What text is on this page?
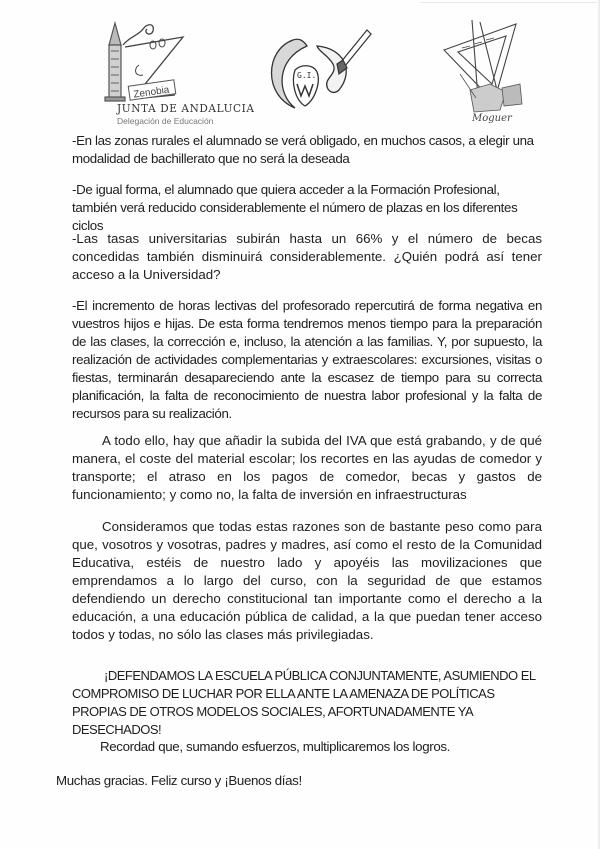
Zenobia
JUNTA DE ANDALUCIA
Delegación de Educación
G.I.
Moguer

-En las zonas rurales el alumnado se verá obligado, en muchos casos, a elegir una modalidad de bachillerato que no será la deseada

-De igual forma, el alumnado que quiera acceder a la Formación Profesional, también verá reducido considerablemente el número de plazas en los diferentes ciclos

-Las tasas universitarias subirán hasta un 66% y el número de becas concedidas también disminuirá considerablemente. ¿Quién podrá así tener acceso a la Universidad?

-El incremento de horas lectivas del profesorado repercutirá de forma negativa en vuestros hijos e hijas. De esta forma tendremos menos tiempo para la preparación de las clases, la corrección e, incluso, la atención a las familias. Y, por supuesto, la realización de actividades complementarias y extraescolares: excursiones, visitas o fiestas, terminarán desapareciendo ante la escasez de tiempo para su correcta planificación, la falta de reconocimiento de nuestra labor profesional y la falta de recursos para su realización.

A todo ello, hay que añadir la subida del IVA que está grabando, y de qué manera, el coste del material escolar; los recortes en las ayudas de comedor y transporte; el atraso en los pagos de comedor, becas y gastos de funcionamiento; y como no, la falta de inversión en infraestructuras

Consideramos que todas estas razones son de bastante peso como para que, vosotros y vosotras, padres y madres, así como el resto de la Comunidad Educativa, estéis de nuestro lado y apoyéis las movilizaciones que emprendamos a lo largo del curso, con la seguridad de que estamos defendiendo un derecho constitucional tan importante como el derecho a la educación, a una educación pública de calidad, a la que puedan tener acceso todos y todas, no sólo las clases más privilegiadas.

¡DEFENDAMOS LA ESCUELA PÚBLICA CONJUNTAMENTE, ASUMIENDO EL COMPROMISO DE LUCHAR POR ELLA ANTE LA AMENAZA DE POLÍTICAS PROPIAS DE OTROS MODELOS SOCIALES, AFORTUNADAMENTE YA DESECHADOS!

Recordad que, sumando esfuerzos, multiplicaremos los logros.

Muchas gracias. Feliz curso y ¡Buenos días!
